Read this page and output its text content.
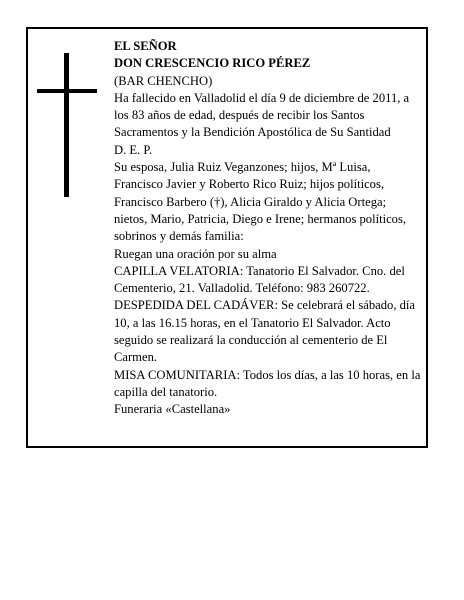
EL SEÑOR

DON CRESCENCIO RICO PÉREZ

(BAR CHENCHO)

Ha fallecido en Valladolid el día 9 de diciembre de 2011, a los 83 años de edad, después de recibir los Santos Sacramentos y la Bendición Apostólica de Su Santidad

D. E. P.

Su esposa, Julia Ruiz Veganzones; hijos, Mª Luisa, Francisco Javier y Roberto Rico Ruiz; hijos políticos, Francisco Barbero (†), Alicia Giraldo y Alicia Ortega; nietos, Mario, Patricia, Diego e Irene; hermanos políticos, sobrinos y demás familia:

Ruegan una oración por su alma

CAPILLA VELATORIA: Tanatorio El Salvador. Cno. del Cementerio, 21. Valladolid. Teléfono: 983 260722.

DESPEDIDA DEL CADÁVER: Se celebrará el sábado, día 10, a las 16.15 horas, en el Tanatorio El Salvador. Acto seguido se realizará la conducción al cementerio de El Carmen.

MISA COMUNITARIA: Todos los días, a las 10 horas, en la capilla del tanatorio.

Funeraria «Castellana»
